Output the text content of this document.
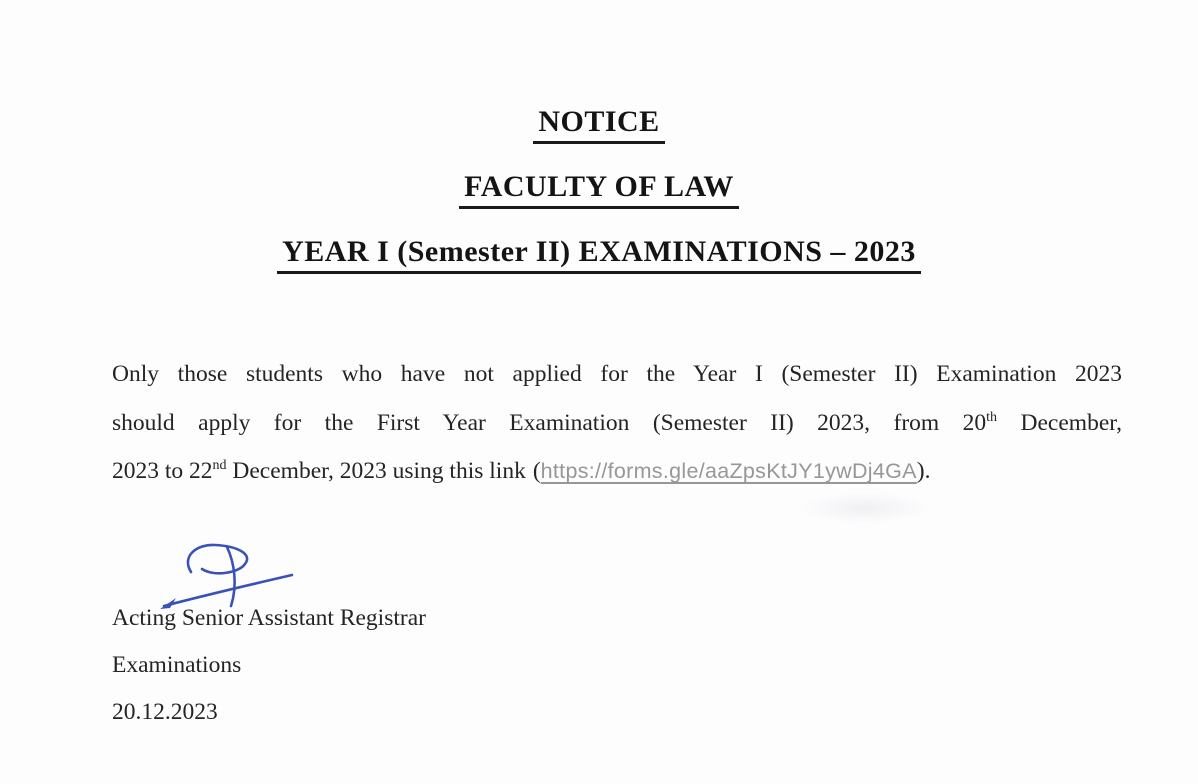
NOTICE
FACULTY OF LAW
YEAR I (Semester II) EXAMINATIONS – 2023
Only those students who have not applied for the Year I (Semester II) Examination 2023
should apply for the First Year Examination (Semester II) 2023, from 20th December,
2023 to 22nd December, 2023 using this link (https://forms.gle/aaZpsKtJY1ywDj4GA).
Acting Senior Assistant Registrar
Examinations
20.12.2023
